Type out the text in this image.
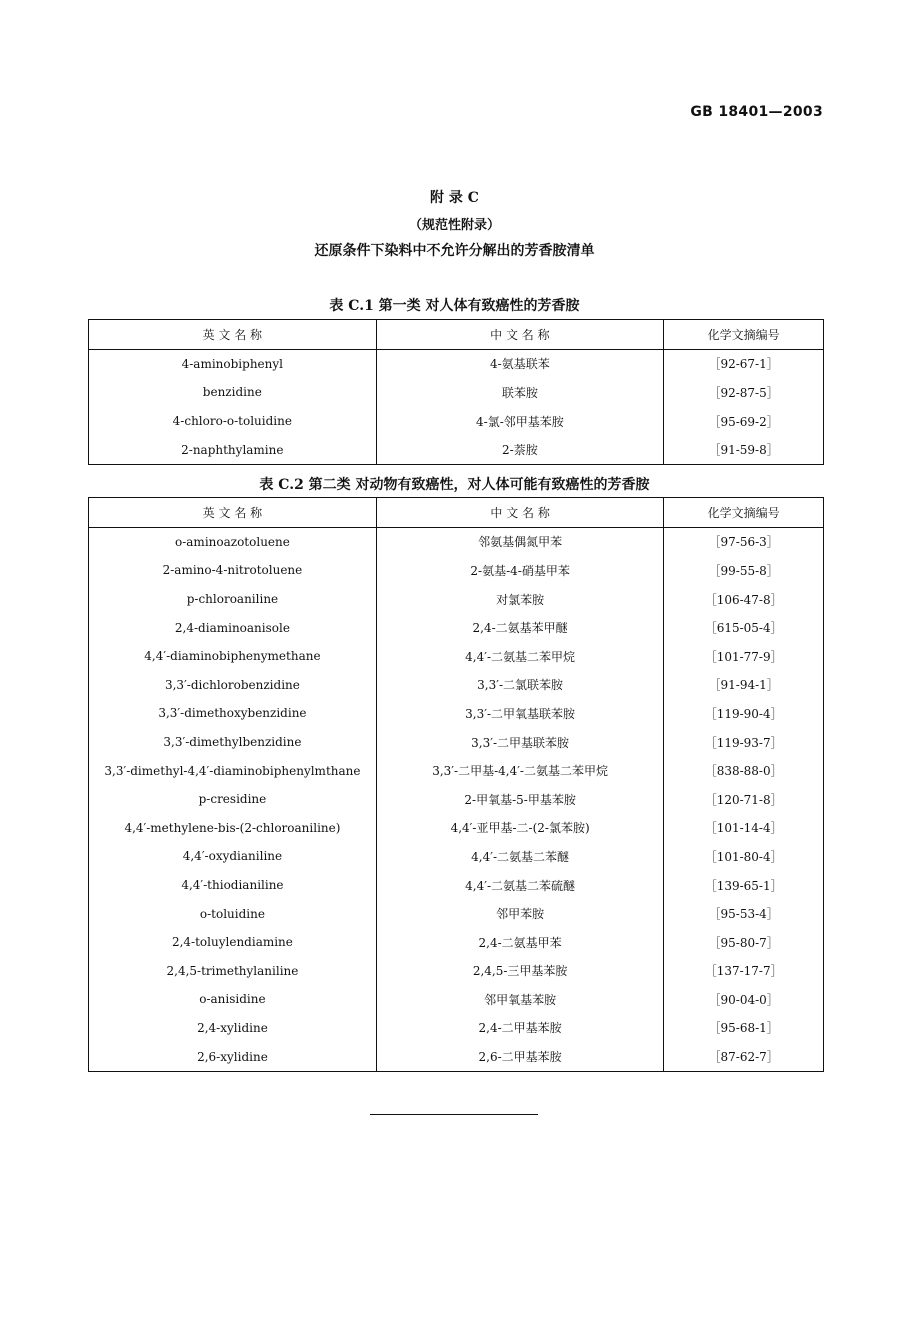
GB 18401—2003
附 录 C
（规范性附录）
还原条件下染料中不允许分解出的芳香胺清单
表 C.1 第一类 对人体有致癌性的芳香胺
英 文 名 称	中 文 名 称	化学文摘编号
4-aminobiphenyl	4-氨基联苯	［92-67-1］
benzidine	联苯胺	［92-87-5］
4-chloro-o-toluidine	4-氯-邻甲基苯胺	［95-69-2］
2-naphthylamine	2-萘胺	［91-59-8］
表 C.2 第二类 对动物有致癌性，对人体可能有致癌性的芳香胺
英 文 名 称	中 文 名 称	化学文摘编号
o-aminoazotoluene	邻氨基偶氮甲苯	［97-56-3］
2-amino-4-nitrotoluene	2-氨基-4-硝基甲苯	［99-55-8］
p-chloroaniline	对氯苯胺	［106-47-8］
2,4-diaminoanisole	2,4-二氨基苯甲醚	［615-05-4］
4,4′-diaminobiphenymethane	4,4′-二氨基二苯甲烷	［101-77-9］
3,3′-dichlorobenzidine	3,3′-二氯联苯胺	［91-94-1］
3,3′-dimethoxybenzidine	3,3′-二甲氧基联苯胺	［119-90-4］
3,3′-dimethylbenzidine	3,3′-二甲基联苯胺	［119-93-7］
3,3′-dimethyl-4,4′-diaminobiphenylmthane	3,3′-二甲基-4,4′-二氨基二苯甲烷	［838-88-0］
p-cresidine	2-甲氧基-5-甲基苯胺	［120-71-8］
4,4′-methylene-bis-(2-chloroaniline)	4,4′-亚甲基-二-(2-氯苯胺)	［101-14-4］
4,4′-oxydianiline	4,4′-二氨基二苯醚	［101-80-4］
4,4′-thiodianiline	4,4′-二氨基二苯硫醚	［139-65-1］
o-toluidine	邻甲苯胺	［95-53-4］
2,4-toluylendiamine	2,4-二氨基甲苯	［95-80-7］
2,4,5-trimethylaniline	2,4,5-三甲基苯胺	［137-17-7］
o-anisidine	邻甲氧基苯胺	［90-04-0］
2,4-xylidine	2,4-二甲基苯胺	［95-68-1］
2,6-xylidine	2,6-二甲基苯胺	［87-62-7］
